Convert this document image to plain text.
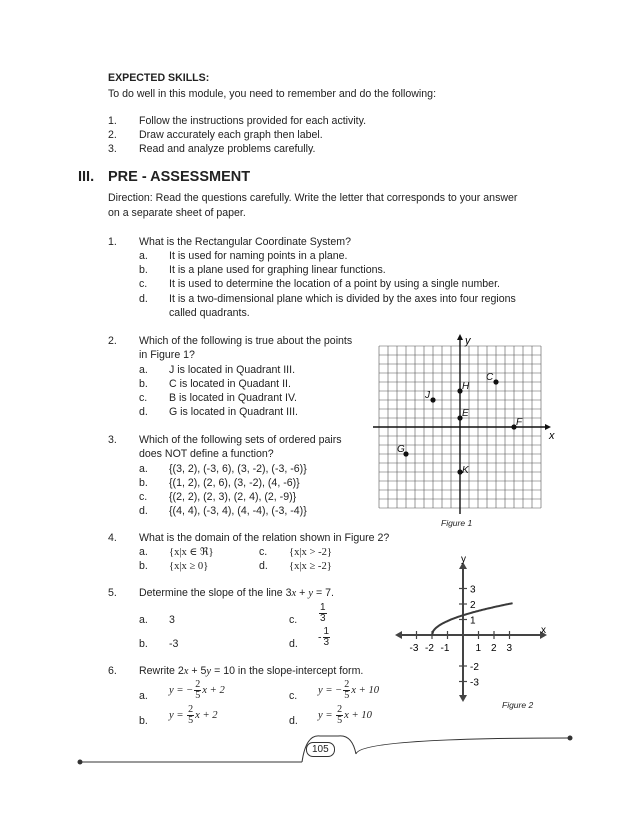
EXPECTED SKILLS:
To do well in this module, you need to remember and do the following:
1. Follow the instructions provided for each activity.
2. Draw accurately each graph then label.
3. Read and analyze problems carefully.
III. PRE - ASSESSMENT
Direction: Read the questions carefully. Write the letter that corresponds to your answer
on a separate sheet of paper.
1. What is the Rectangular Coordinate System?
a. It is used for naming points in a plane.
b. It is a plane used for graphing linear functions.
c. It is used to determine the location of a point by using a single number.
d. It is a two-dimensional plane which is divided by the axes into four regions
called quadrants.
2. Which of the following is true about the points
in Figure 1?
a. J is located in Quadrant III.
b. C is located in Quadant II.
c. B is located in Quadrant IV.
d. G is located in Quadrant III.
3. Which of the following sets of ordered pairs
does NOT define a function?
a. {(3, 2), (-3, 6), (3, -2), (-3, -6)}
b. {(1, 2), (2, 6), (3, -2), (4, -6)}
c. {(2, 2), (2, 3), (2, 4), (2, -9)}
d. {(4, 4), (-3, 4), (4, -4), (-3, -4)}
x
y
C
J
H
E
F
G
K
Figure 1
4. What is the domain of the relation shown in Figure 2?
a. {x|x ∈ ℜ}
b. {x|x ≥ 0}
c. {x|x > -2}
d. {x|x ≥ -2}
x
y
-3 -2 -1	1 2 3
3
2
1
-2
-3
Figure 2
5. Determine the slope of the line 3x + y = 7.
a. 3
b. -3
c. $\frac{1}{3}$
d.
- $\frac{1}{3}$
6. Rewrite 2x + 5y = 10 in the slope-intercept form.
a. y = − $\frac{2}{5}$ x + 2
b. $y = \frac{2}{5}$ x + 2
c. y = − $\frac{2}{5}$ x + 10
d. $y = \frac{2}{5}$ x + 10
105
